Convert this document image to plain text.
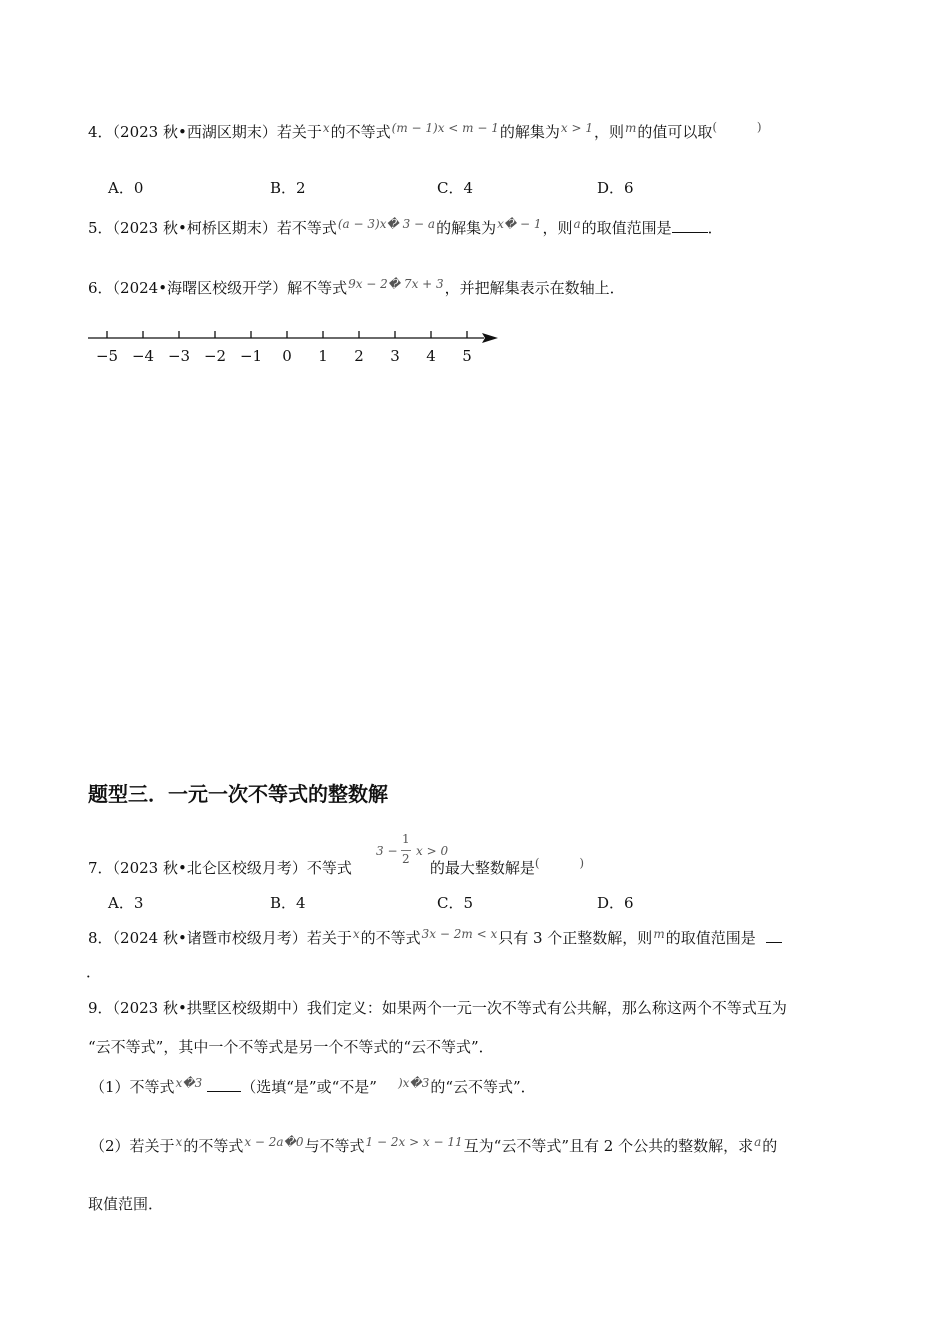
4．（2023 秋•西湖区期末）若关于$^x$的不等式$^{(m - 1)x < m - 1}$的解集为$^{x > 1}$，则$^m$的值可以取( )
A．0	B．2	C．4	D．6
5．（2023 秋•柯桥区期末）若不等式$^{(a - 3)x� 3 - a}$的解集为$^{x� - 1}$，则$^a$的取值范围是 ．
6．（2024•海曙区校级开学）解不等式$^{9x - 2� 7x + 3}$，并把解集表示在数轴上．
−5 −4 −3 −2 −1 0 1 2 3 4 5
题型三．一元一次不等式的整数解
7．（2023 秋•北仑区校级月考）不等式	的最大整数解是( )
3 −
1
2
x > 0
A．3	B．4	C．5	D．6
8．（2024 秋•诸暨市校级月考）若关于$^x$的不等式$^{3x - 2m < x}$只有 3 个正整数解，则$^m$的取值范围是
．
9．（2023 秋•拱墅区校级期中）我们定义：如果两个一元一次不等式有公共解，那么称这两个不等式互为
“云不等式”，其中一个不等式是另一个不等式的“云不等式”．
（1）不等式$^{x�3}$	（选填“是”或“不是” $^{)x�3}$的“云不等式”．
（2）若关于$^x$的不等式$^{x - 2a�0}$与不等式$^{1 - 2x > x - 11}$互为“云不等式”且有 2 个公共的整数解，求$^a$的
取值范围．
